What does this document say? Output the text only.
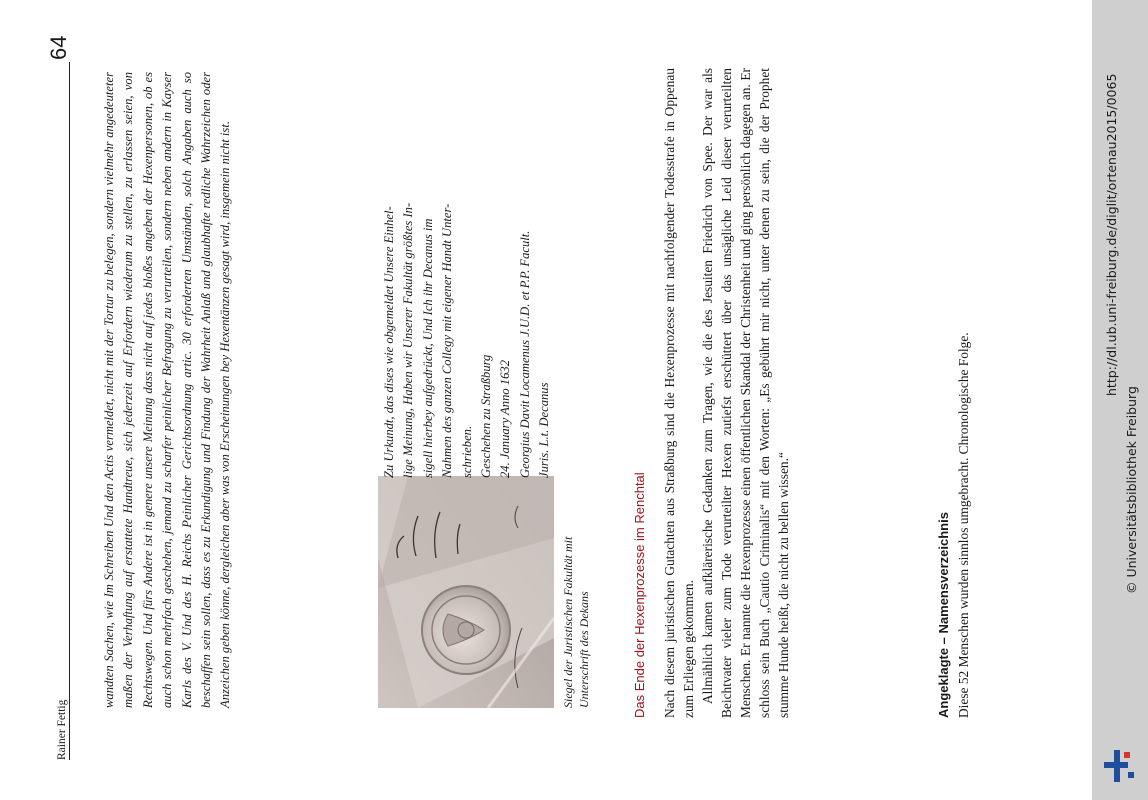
64
Rainer Fettig

wandten Sachen, wie Im Schreiben Und den Actis vermeldet, nicht mit der Tortur zu belegen, sondern vielmehr angedeuteter maßen der Verhaftung auf erstattete Handtreue, sich jederzeit auf Erfordern wiederum zu stellen, zu erlassen seien, von Rechtswegen. Und fürs Andere ist in genere unsere Meinung dass nicht auf jedes bloßes angeben der Hexenpersonen, ob es auch schon mehrfach geschehen, jemand zu scharfer peinlicher Befragung zu verurteilen, sondern neben andern in Kayser Karls des V. Und des H. Reichs Peinlicher Gerichtsordnung artic. 30 erforderten Umständen, solch Angaben auch so beschaffen sein sollen, dass es zu Erkundigung und Findung der Wahrheit Anlaß und glaubhafte redliche Wahrzeichen oder Anzeichen geben könne, dergleichen aber was von Erscheinungen bey Hexentänzen gesagt wird, insgemein nicht ist.	Siegel der Juristischen Fakultät mit Unterschrift des Dekans
Zu Urkundt, das dises wie obgemeldet Unsere Einhel- lige Meinung, Haben wir Unserer Fakultät größtes In- sigell hierbey aufgedrückt, Und Ich ihr Decanus im Nahmen des ganzen Collegy mit eigener Handt Unter- schrieben. Geschehen zu Straßburg 24. January Anno 1632 Georgius Davit Locamenus J.U.D. et P.P. Facult. Juris. L.t. Decanus
Das Ende der Hexenprozesse im Renchtal Nach diesem juristischen Gutachten aus Straßburg sind die Hexenprozesse mit nachfolgender Todesstrafe in Oppenau zum Erliegen gekommen. Allmählich kamen aufklärerische Gedanken zum Tragen, wie die des Jesuiten Friedrich von Spee. Der war als Beichtvater vieler zum Tode verurteilter Hexen zutiefst erschüttert über das unsägliche Leid dieser verurteilten Menschen. Er nannte die Hexenprozesse einen öffentlichen Skandal der Christenheit und ging persönlich dagegen an. Er schloss sein Buch „Cautio Criminalis“ mit den Worten: „Es gebührt mir nicht, unter denen zu sein, die der Prophet stumme Hunde heißt, die nicht zu bellen wissen.“	Angeklagte – Namensverzeichnis Diese 52 Menschen wurden sinnlos umgebracht. Chronologische Folge.

http://dl.ub.uni-freiburg.de/diglit/ortenau2015/0065
© Universitätsbibliothek Freiburg
